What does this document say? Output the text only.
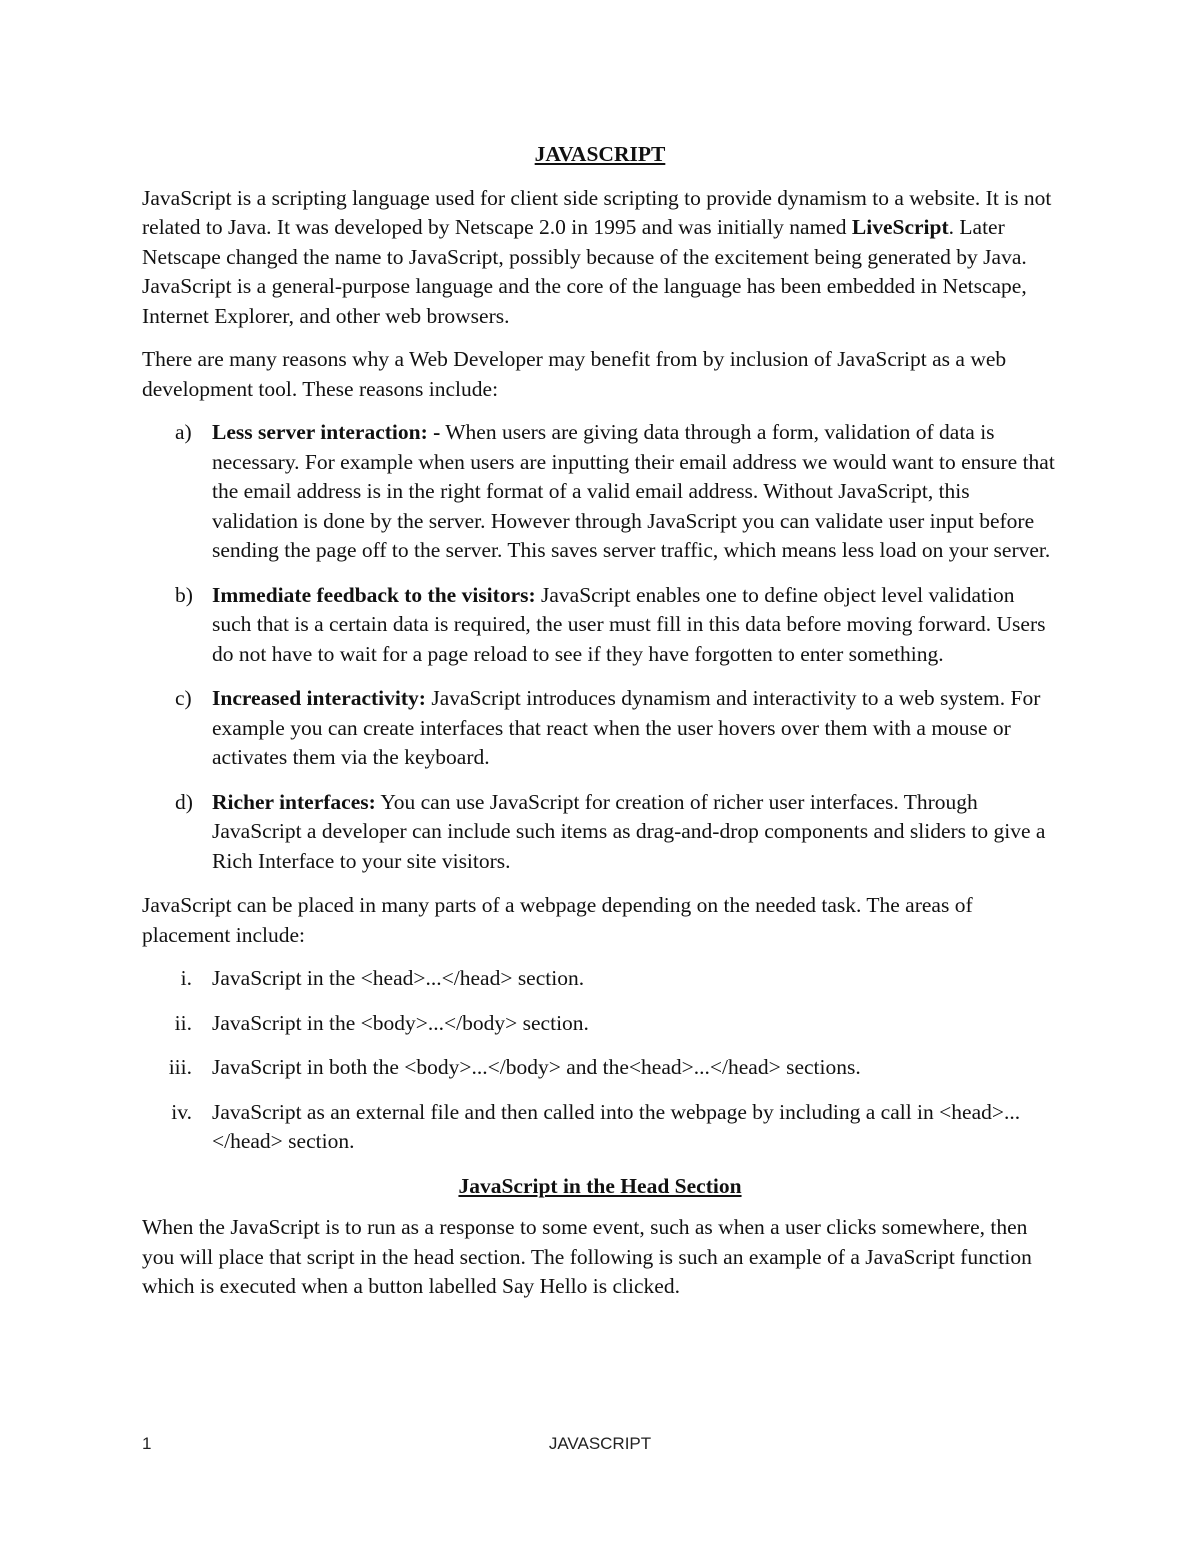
JAVASCRIPT

JavaScript is a scripting language used for client side scripting to provide dynamism to a website. It is not related to Java. It was developed by Netscape 2.0 in 1995 and was initially named LiveScript. Later Netscape changed the name to JavaScript, possibly because of the excitement being generated by Java. JavaScript is a general-purpose language and the core of the language has been embedded in Netscape, Internet Explorer, and other web browsers.

There are many reasons why a Web Developer may benefit from by inclusion of JavaScript as a web development tool. These reasons include:

a) Less server interaction: - When users are giving data through a form, validation of data is necessary. For example when users are inputting their email address we would want to ensure that the email address is in the right format of a valid email address. Without JavaScript, this validation is done by the server. However through JavaScript you can validate user input before sending the page off to the server. This saves server traffic, which means less load on your server.
b) Immediate feedback to the visitors: JavaScript enables one to define object level validation such that is a certain data is required, the user must fill in this data before moving forward. Users do not have to wait for a page reload to see if they have forgotten to enter something.
c) Increased interactivity: JavaScript introduces dynamism and interactivity to a web system. For example you can create interfaces that react when the user hovers over them with a mouse or activates them via the keyboard.
d) Richer interfaces: You can use JavaScript for creation of richer user interfaces. Through JavaScript a developer can include such items as drag-and-drop components and sliders to give a Rich Interface to your site visitors.

JavaScript can be placed in many parts of a webpage depending on the needed task. The areas of placement include:

i. JavaScript in the <head>...</head> section.
ii. JavaScript in the <body>...</body> section.
iii. JavaScript in both the <body>...</body> and the<head>...</head> sections.
iv. JavaScript as an external file and then called into the webpage by including a call in <head>...</head> section.
JavaScript in the Head Section

When the JavaScript is to run as a response to some event, such as when a user clicks somewhere, then you will place that script in the head section. The following is such an example of a JavaScript function which is executed when a button labelled Say Hello is clicked.

1	JAVASCRIPT
